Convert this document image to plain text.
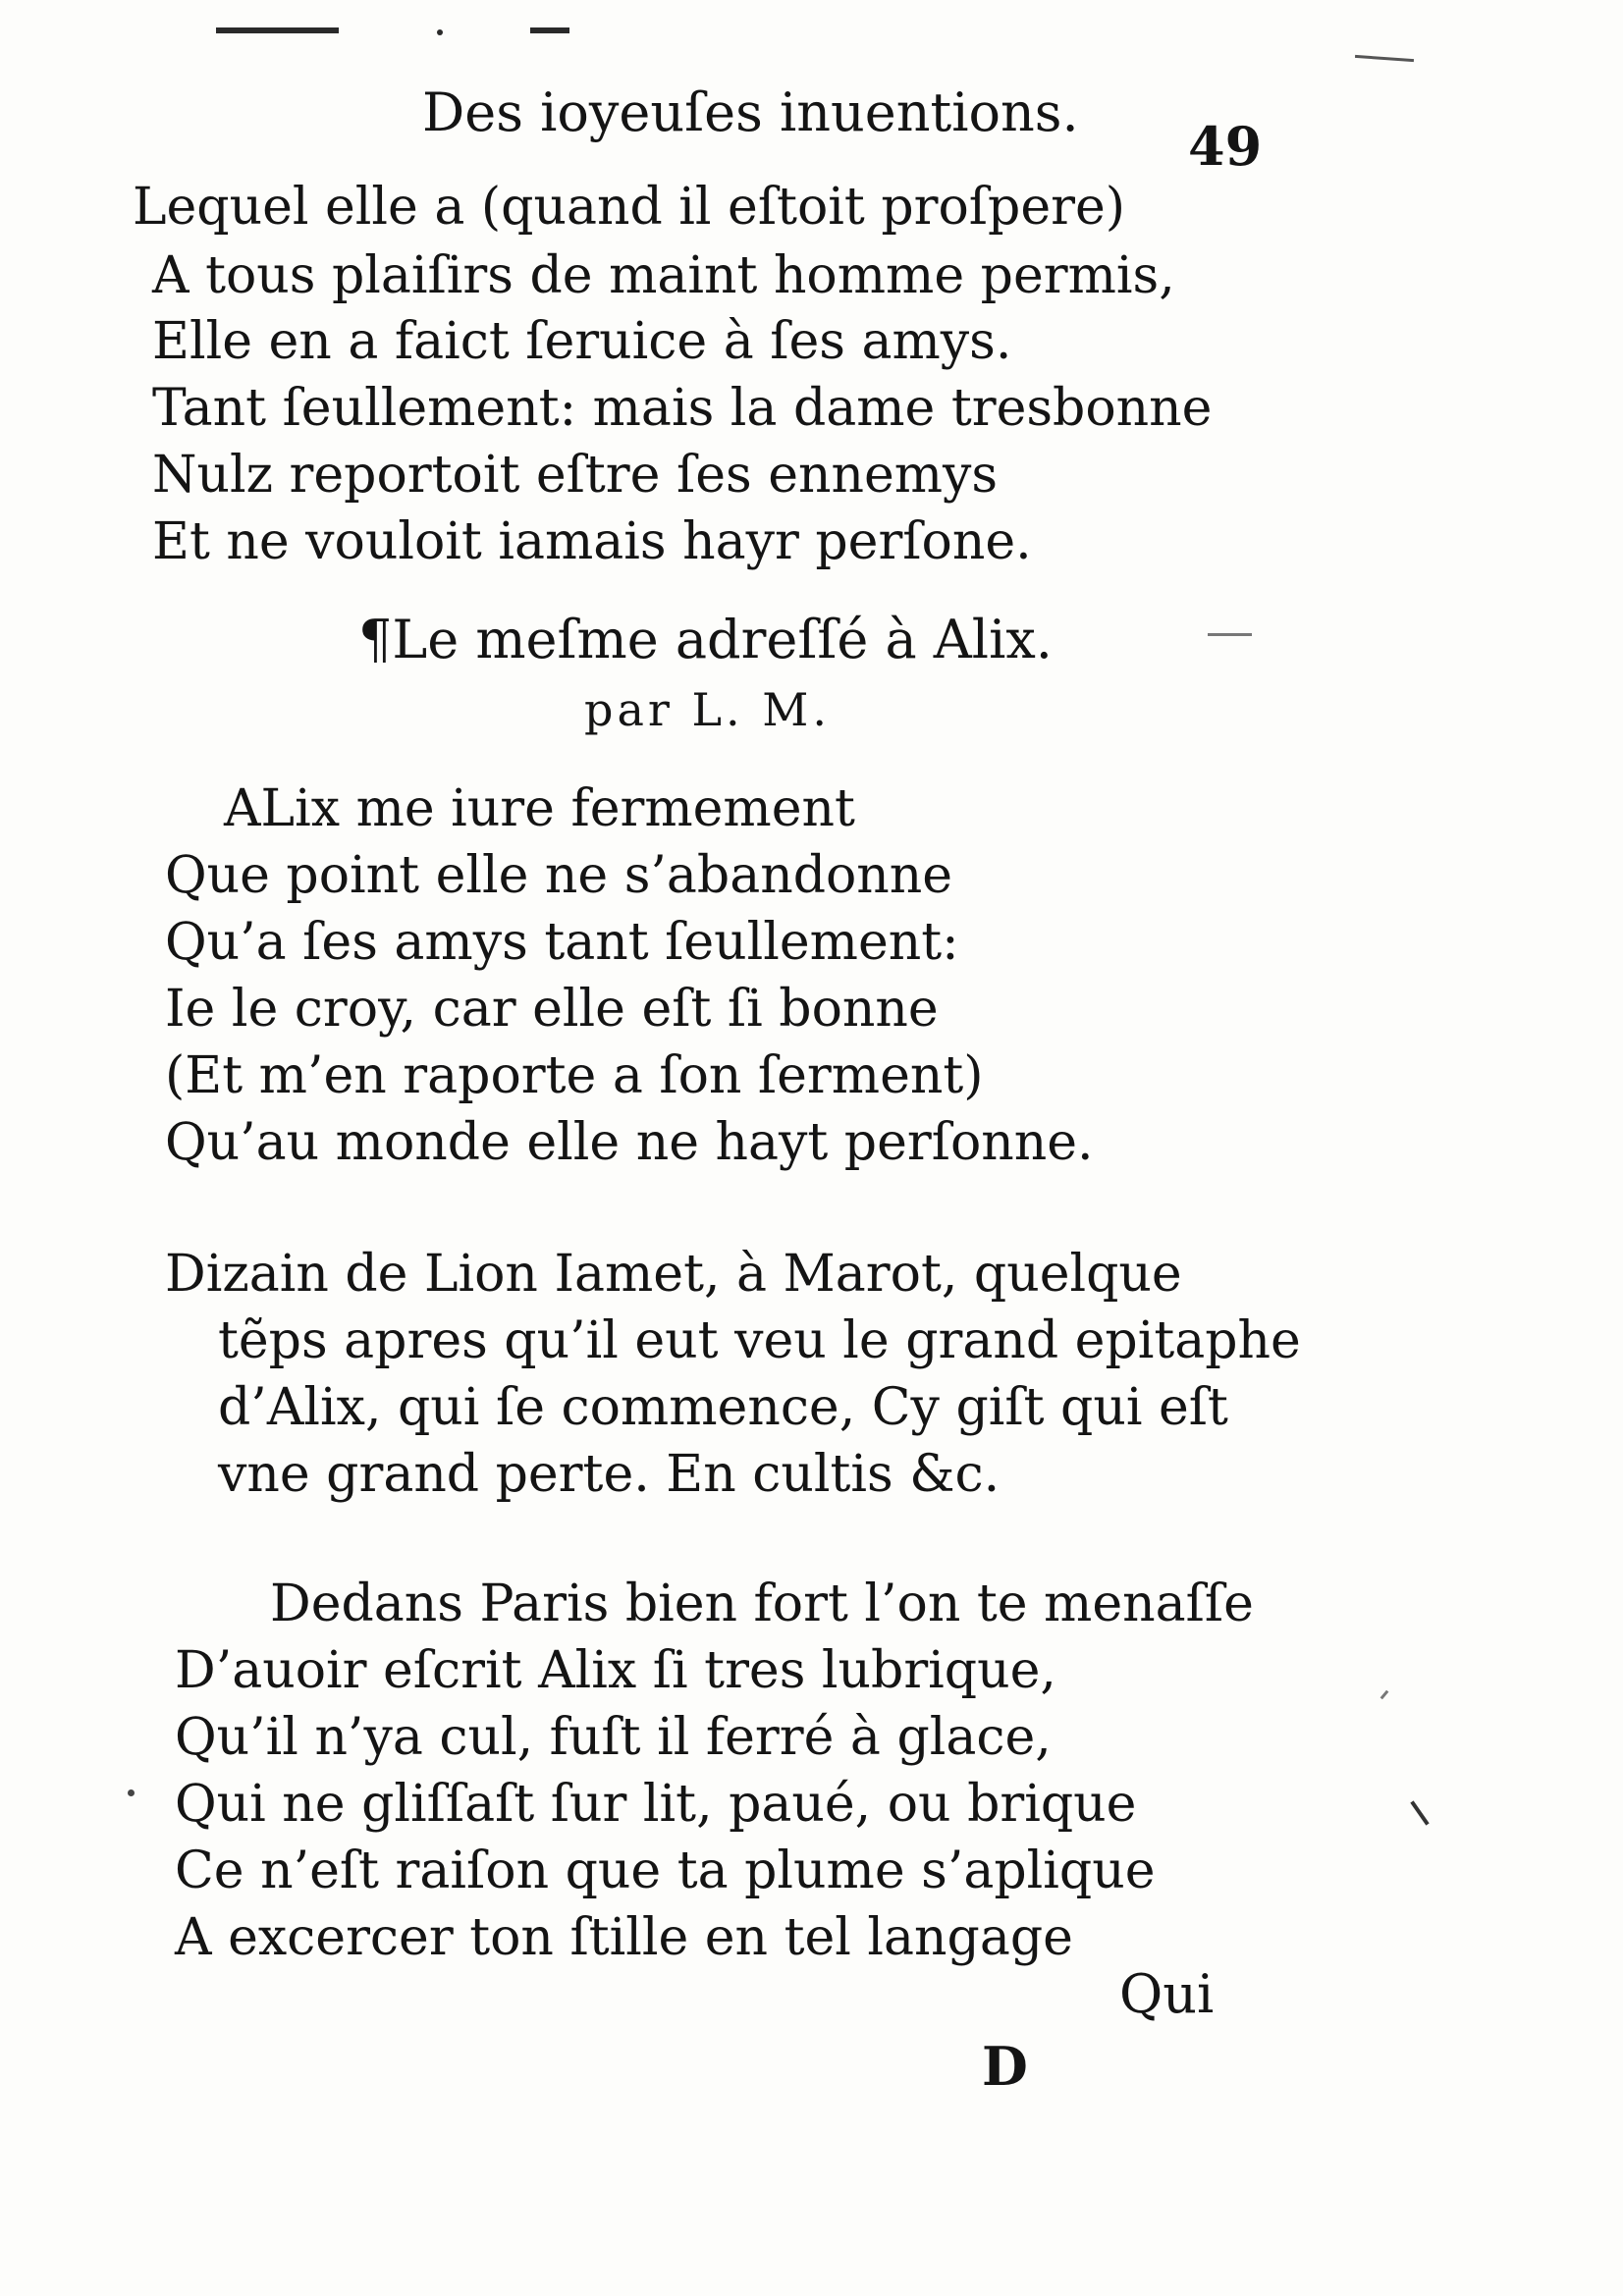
Des ioyeuſes inuentions.
49
Lequel elle a (quand il eſtoit proſpere)
A tous plaiſirs de maint homme permis,
Elle en a faict ſeruice à ſes amys.
Tant ſeullement: mais la dame tresbonne
Nulz reportoit eſtre ſes ennemys
Et ne vouloit iamais hayr perſone.
¶Le meſme adreſſé à Alix.
par L. M.
ALix me iure fermement
Que point elle ne s’abandonne
Qu’a ſes amys tant ſeullement:
Ie le croy, car elle eſt ſi bonne
(Et m’en raporte a ſon ſerment)
Qu’au monde elle ne hayt perſonne.
Dizain de Lion Iamet, à Marot, quelque
tẽps apres qu’il eut veu le grand epitaphe
d’Alix, qui ſe commence, Cy giſt qui eſt
vne grand perte. En cultis &c.
Dedans Paris bien fort l’on te menaſſe
D’auoir eſcrit Alix ſi tres lubrique,
Qu’il n’ya cul, fuſt il ferré à glace,
Qui ne gliſſaſt ſur lit, paué, ou brique
Ce n’eſt raiſon que ta plume s’aplique
A excercer ton ſtille en tel langage
Qui
D
